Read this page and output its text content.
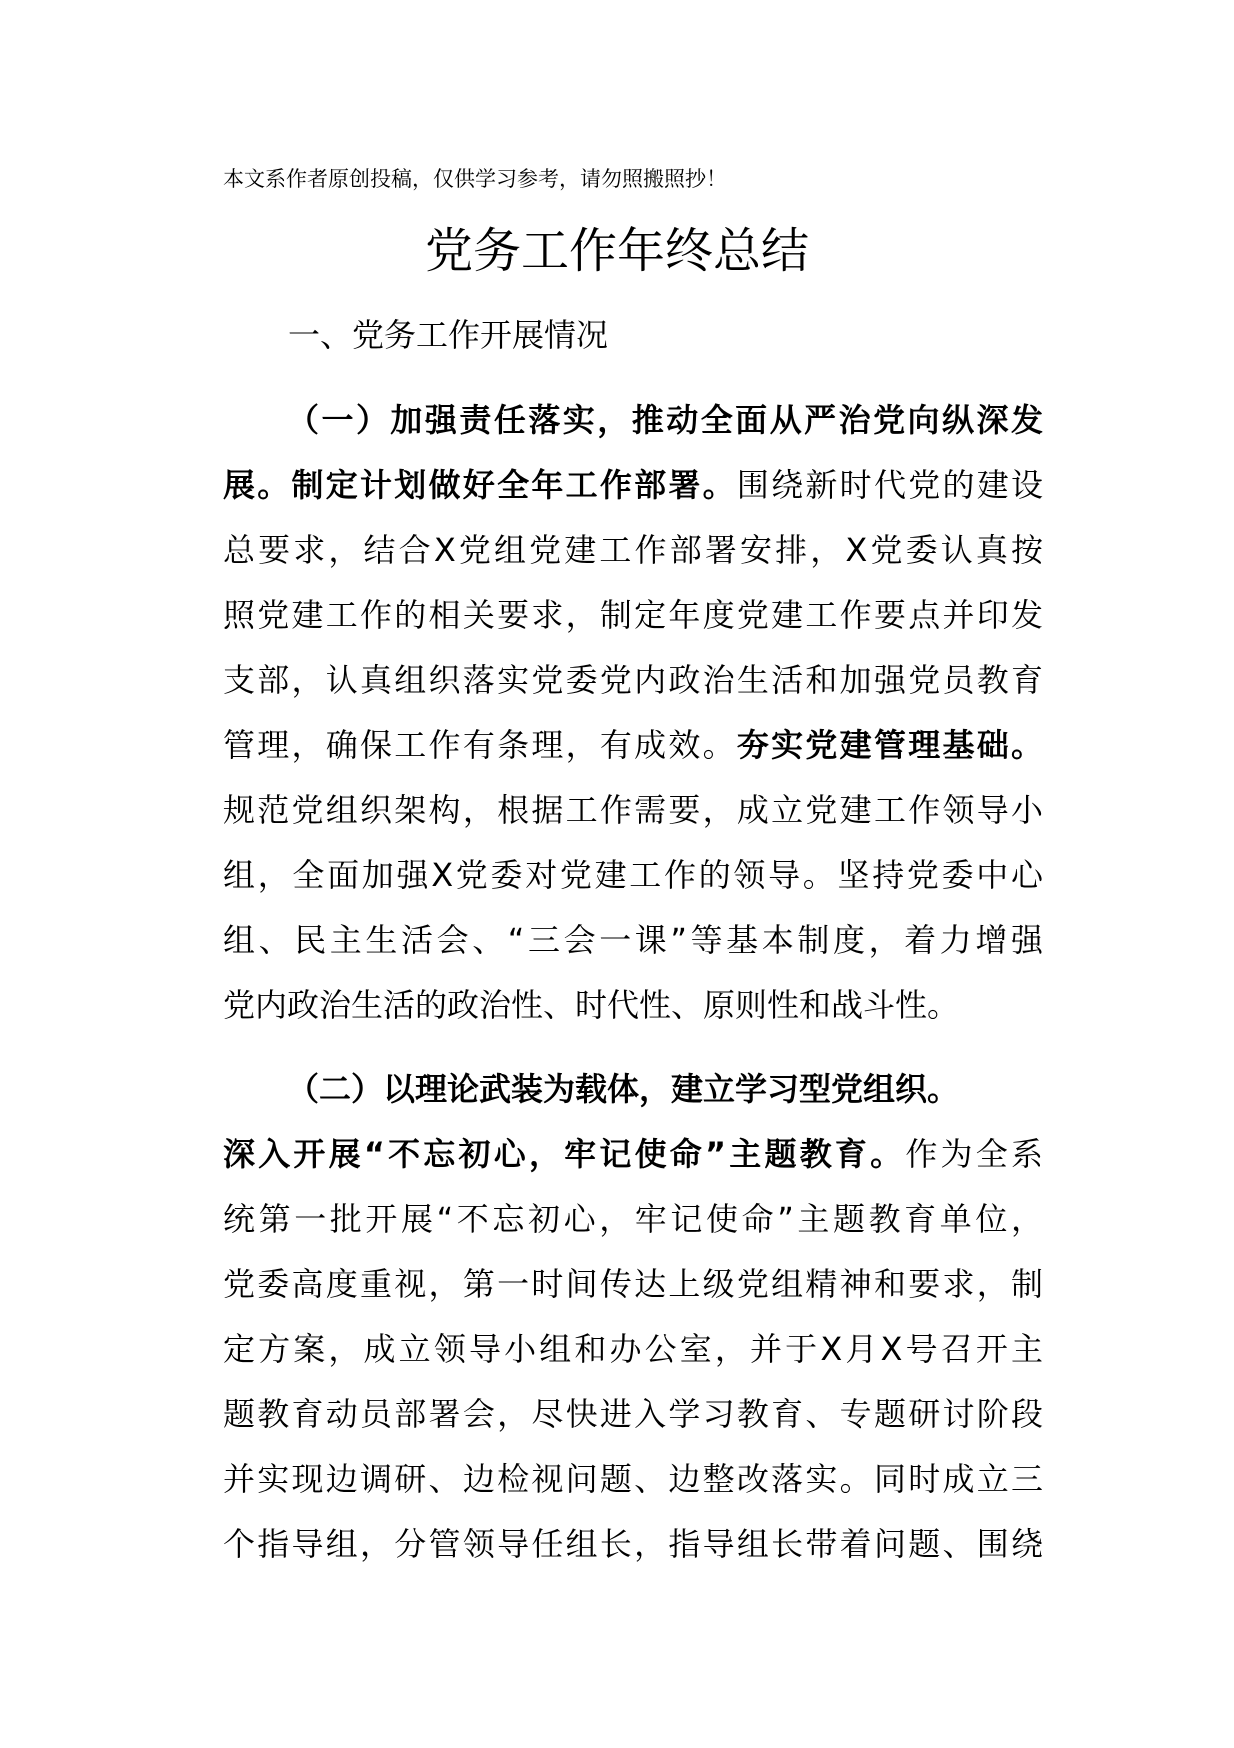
本文系作者原创投稿，仅供学习参考，请勿照搬照抄！
党务工作年终总结
一、党务工作开展情况
（一）加强责任落实，推动全面从严治党向纵深发
展。制定计划做好全年工作部署。围绕新时代党的建设
总要求，结合X党组党建工作部署安排，X党委认真按
照党建工作的相关要求，制定年度党建工作要点并印发
支部，认真组织落实党委党内政治生活和加强党员教育
管理，确保工作有条理，有成效。夯实党建管理基础。
规范党组织架构，根据工作需要，成立党建工作领导小
组，全面加强X党委对党建工作的领导。坚持党委中心
组、民主生活会、“三会一课”等基本制度，着力增强
党内政治生活的政治性、时代性、原则性和战斗性。
（二）以理论武装为载体，建立学习型党组织。
深入开展“不忘初心，牢记使命”主题教育。作为全系
统第一批开展“不忘初心，牢记使命”主题教育单位，
党委高度重视，第一时间传达上级党组精神和要求，制
定方案，成立领导小组和办公室，并于X月X号召开主
题教育动员部署会，尽快进入学习教育、专题研讨阶段
并实现边调研、边检视问题、边整改落实。同时成立三
个指导组，分管领导任组长，指导组长带着问题、围绕
